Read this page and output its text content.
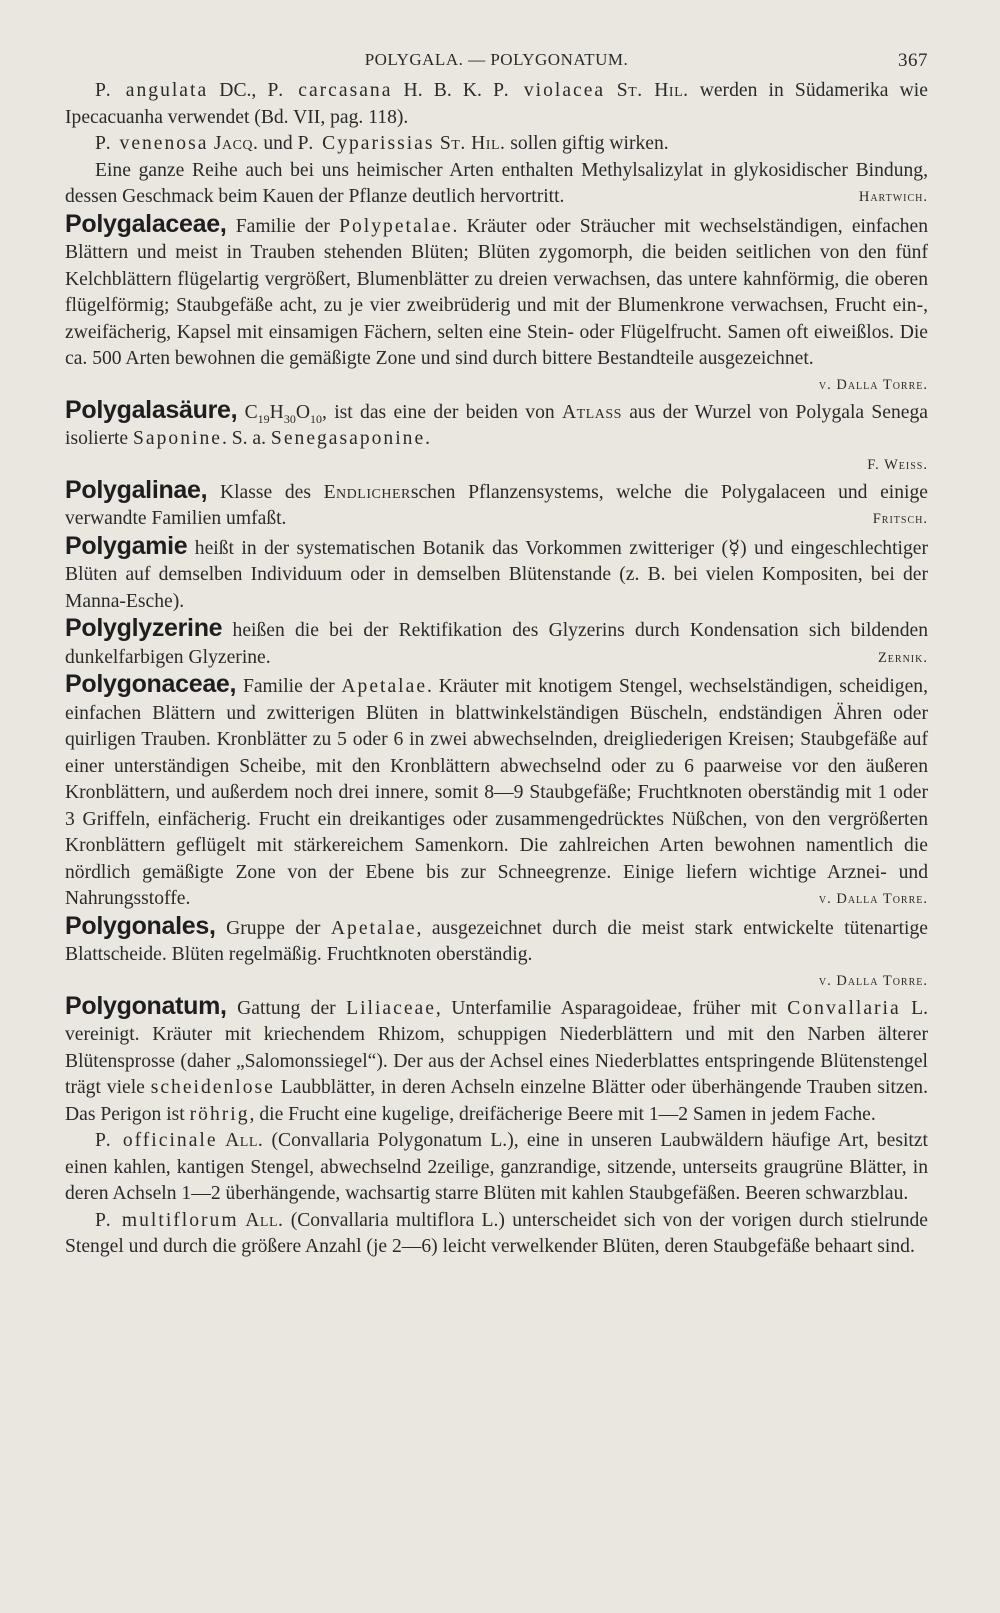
POLYGALA. — POLYGONATUM.	367

P. angulata DC., P. carcasana H. B. K. P. violacea St. Hil. werden in Südamerika wie Ipecacuanha verwendet (Bd. VII, pag. 118).

P. venenosa Jacq. und P. Cyparissias St. Hil. sollen giftig wirken.

Eine ganze Reihe auch bei uns heimischer Arten enthalten Methylsalizylat in glykosidischer Bindung, dessen Geschmack beim Kauen der Pflanze deutlich hervortritt.	Hartwich.

Polygalaceae, Familie der Polypetalae. Kräuter oder Sträucher mit wechselständigen, einfachen Blättern und meist in Trauben stehenden Blüten; Blüten zygomorph, die beiden seitlichen von den fünf Kelchblättern flügelartig vergrößert, Blumenblätter zu dreien verwachsen, das untere kahnförmig, die oberen flügelförmig; Staubgefäße acht, zu je vier zweibrüderig und mit der Blumenkrone verwachsen, Frucht ein-, zweifächerig, Kapsel mit einsamigen Fächern, selten eine Stein- oder Flügelfrucht. Samen oft eiweißlos. Die ca. 500 Arten bewohnen die gemäßigte Zone und sind durch bittere Bestandteile ausgezeichnet.

v. Dalla Torre.

Polygalasäure, $C_{19}H_{30}O_{10}$, ist das eine der beiden von Atlass aus der Wurzel von Polygala Senega isolierte Saponine. S. a. Senegasaponine.

F. Weiss.

Polygalinae, Klasse des Endlicherschen Pflanzensystems, welche die Polygalaceen und einige verwandte Familien umfaßt.	Fritsch.

Polygamie heißt in der systematischen Botanik das Vorkommen zwitteriger (☿) und eingeschlechtiger Blüten auf demselben Individuum oder in demselben Blütenstande (z. B. bei vielen Kompositen, bei der Manna-Esche).

Polyglyzerine heißen die bei der Rektifikation des Glyzerins durch Kondensation sich bildenden dunkelfarbigen Glyzerine.	Zernik.

Polygonaceae, Familie der Apetalae. Kräuter mit knotigem Stengel, wechselständigen, scheidigen, einfachen Blättern und zwitterigen Blüten in blattwinkelständigen Büscheln, endständigen Ähren oder quirligen Trauben. Kronblätter zu 5 oder 6 in zwei abwechselnden, dreigliederigen Kreisen; Staubgefäße auf einer unterständigen Scheibe, mit den Kronblättern abwechselnd oder zu 6 paarweise vor den äußeren Kronblättern, und außerdem noch drei innere, somit 8—9 Staubgefäße; Fruchtknoten oberständig mit 1 oder 3 Griffeln, einfächerig. Frucht ein dreikantiges oder zusammengedrücktes Nüßchen, von den vergrößerten Kronblättern geflügelt mit stärkereichem Samenkorn. Die zahlreichen Arten bewohnen namentlich die nördlich gemäßigte Zone von der Ebene bis zur Schneegrenze. Einige liefern wichtige Arznei- und Nahrungsstoffe.	v. Dalla Torre.

Polygonales, Gruppe der Apetalae, ausgezeichnet durch die meist stark entwickelte tütenartige Blattscheide. Blüten regelmäßig. Fruchtknoten oberständig.

v. Dalla Torre.

Polygonatum, Gattung der Liliaceae, Unterfamilie Asparagoideae, früher mit Convallaria L. vereinigt. Kräuter mit kriechendem Rhizom, schuppigen Niederblättern und mit den Narben älterer Blütensprosse (daher „Salomonssiegel“). Der aus der Achsel eines Niederblattes entspringende Blütenstengel trägt viele scheidenlose Laubblätter, in deren Achseln einzelne Blätter oder überhängende Trauben sitzen. Das Perigon ist röhrig, die Frucht eine kugelige, dreifächerige Beere mit 1—2 Samen in jedem Fache.

P. officinale All. (Convallaria Polygonatum L.), eine in unseren Laubwäldern häufige Art, besitzt einen kahlen, kantigen Stengel, abwechselnd 2zeilige, ganzrandige, sitzende, unterseits graugrüne Blätter, in deren Achseln 1—2 überhängende, wachsartig starre Blüten mit kahlen Staubgefäßen. Beeren schwarzblau.

P. multiflorum All. (Convallaria multiflora L.) unterscheidet sich von der vorigen durch stielrunde Stengel und durch die größere Anzahl (je 2—6) leicht verwelkender Blüten, deren Staubgefäße behaart sind.
